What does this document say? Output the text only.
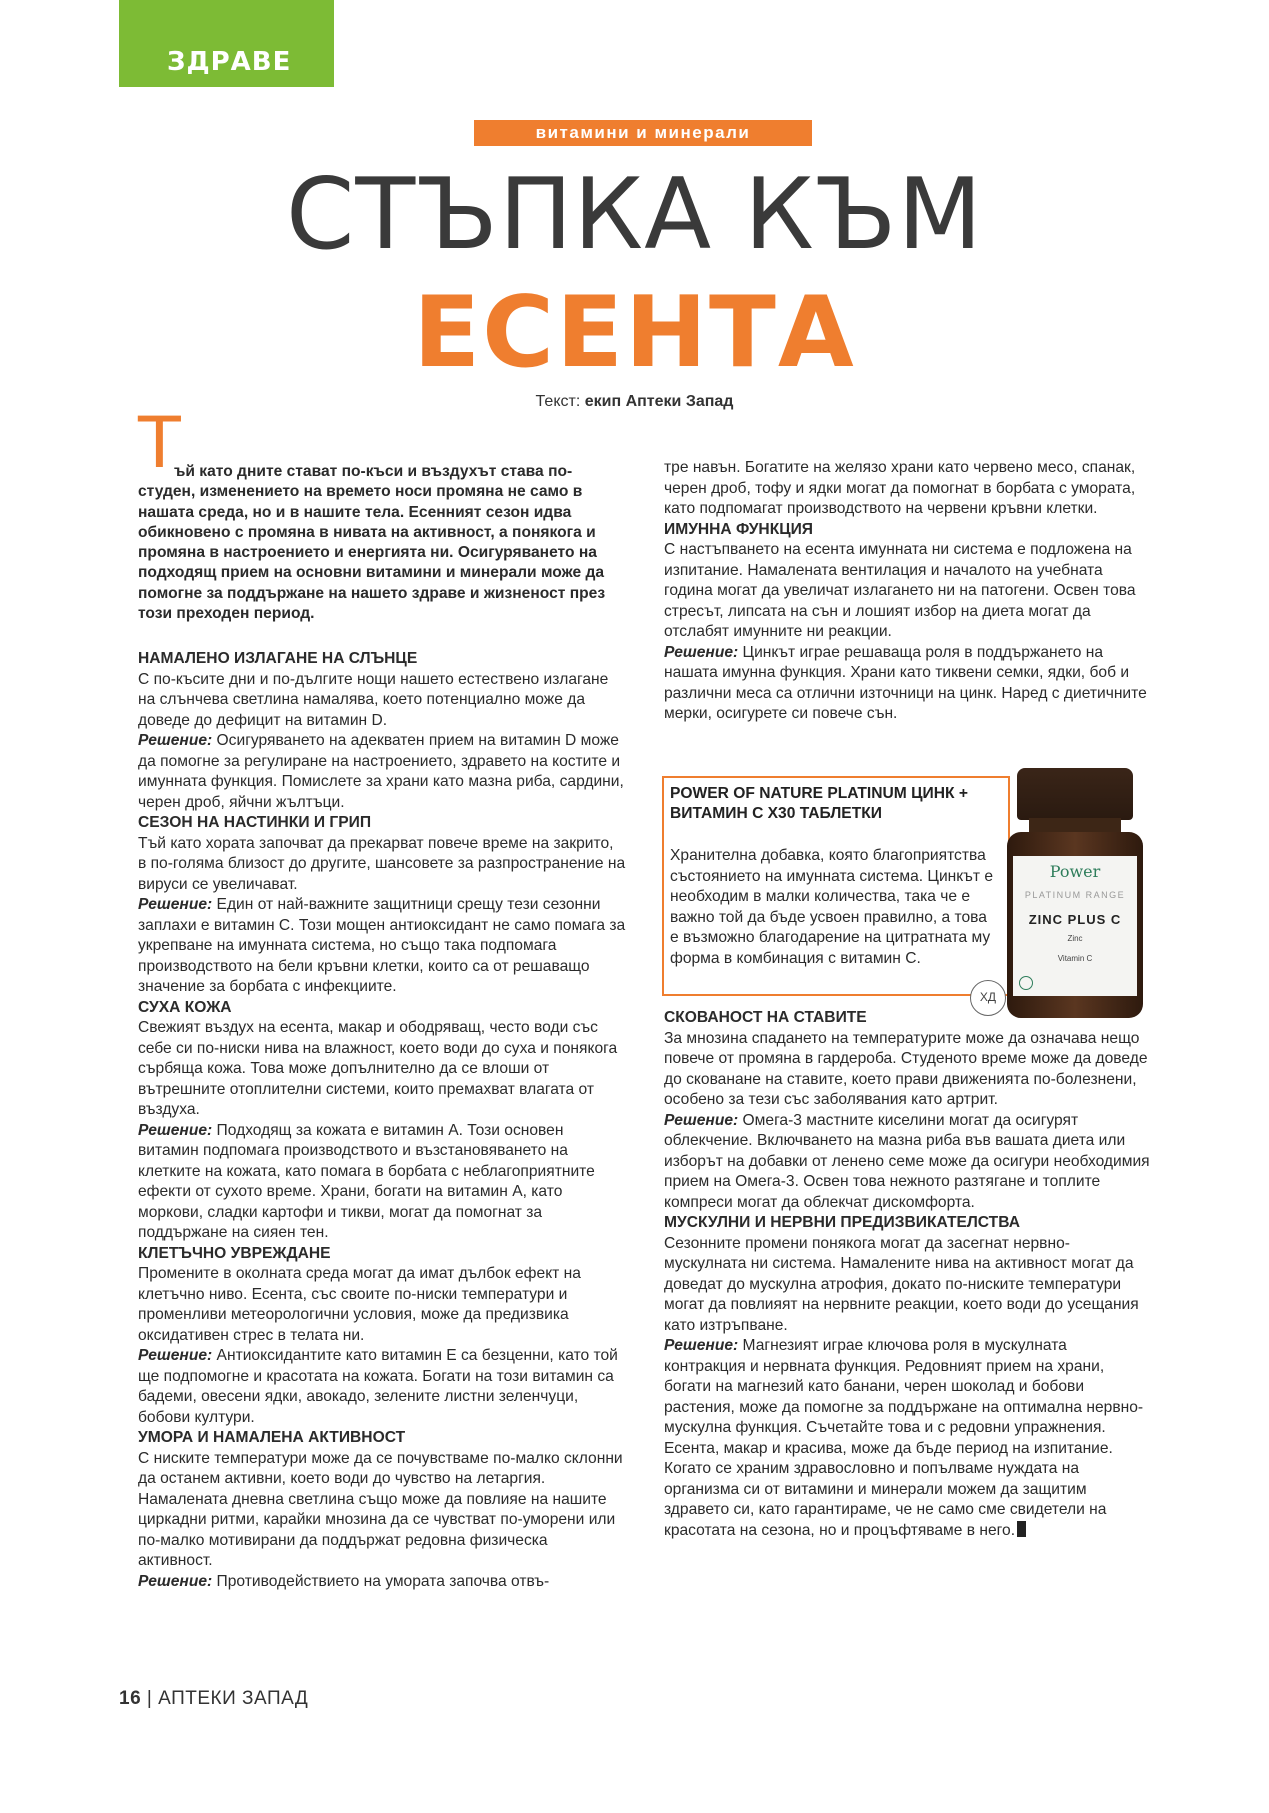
ЗДРАВЕ
витамини и минерали
СТЪПКА КЪМ
ЕСЕНТА
Текст: екип Аптеки Запад
Т

ъй като дните стават по-къси и въздухът става по-студен, изменението на времето носи промяна не само в нашата среда, но и в нашите тела. Есенният сезон идва обикновено с промяна в нивата на активност, а понякога и промяна в настроението и енергията ни. Осигуряването на подходящ прием на основни витамини и минерали може да помогне за поддържане на нашето здраве и жизненост през този преходен период.

НАМАЛЕНО ИЗЛАГАНЕ НА СЛЪНЦЕ

С по-късите дни и по-дългите нощи нашето естествено излагане на слънчева светлина намалява, което потенциално може да доведе до дефицит на витамин D.

Решение: Осигуряването на адекватен прием на витамин D може да помогне за регулиране на настроението, здравето на костите и имунната функция. Помислете за храни като мазна риба, сардини, черен дроб, яйчни жълтъци.

СЕЗОН НА НАСТИНКИ И ГРИП

Тъй като хората започват да прекарват повече време на закрито, в по-голяма близост до другите, шансовете за разпространение на вируси се увеличават.

Решение: Един от най-важните защитници срещу тези сезонни заплахи е витамин С. Този мощен антиоксидант не само помага за укрепване на имунната система, но също така подпомага производството на бели кръвни клетки, които са от решаващо значение за борбата с инфекциите.

СУХА КОЖА

Свежият въздух на есента, макар и ободряващ, често води със себе си по-ниски нива на влажност, което води до суха и понякога сърбяща кожа. Това може допълнително да се влоши от вътрешните отоплителни системи, които премахват влагата от въздуха.

Решение: Подходящ за кожата е витамин А. Този основен витамин подпомага производството и възстановяването на клетките на кожата, като помага в борбата с неблагоприятните ефекти от сухото време. Храни, богати на витамин А, като моркови, сладки картофи и тикви, могат да помогнат за поддържане на сияен тен.

КЛЕТЪЧНО УВРЕЖДАНЕ

Промените в околната среда могат да имат дълбок ефект на клетъчно ниво. Есента, със своите по-ниски температури и променливи метеорологични условия, може да предизвика оксидативен стрес в телата ни.

Решение: Антиоксидантите като витамин Е са безценни, като той ще подпомогне и красотата на кожата. Богати на този витамин са бадеми, овесени ядки, авокадо, зелените листни зеленчуци, бобови култури.

УМОРА И НАМАЛЕНА АКТИВНОСТ

С ниските температури може да се почувстваме по-малко склонни да останем активни, което води до чувство на летаргия. Намалената дневна светлина също може да повлияе на нашите циркадни ритми, карайки мнозина да се чувстват по-уморени или по-малко мотивирани да поддържат редовна физическа активност.

Решение: Противодействието на умората започва отвъ-

тре навън. Богатите на желязо храни като червено месо, спанак, черен дроб, тофу и ядки могат да помогнат в борбата с умората, като подпомагат производството на червени кръвни клетки.

ИМУННА ФУНКЦИЯ

С настъпването на есента имунната ни система е подложена на изпитание. Намалената вентилация и началото на учебната година могат да увеличат излагането ни на патогени. Освен това стресът, липсата на сън и лошият избор на диета могат да отслабят имунните ни реакции.

Решение: Цинкът играе решаваща роля в поддържането на нашата имунна функция. Храни като тиквени семки, ядки, боб и различни меса са отлични източници на цинк. Наред с диетичните мерки, осигурете си повече сън.

POWER OF NATURE PLATINUM ЦИНК + ВИТАМИН С Х30 ТАБЛЕТКИ
Хранителна добавка, която благоприятства състоянието на имунната система. Цинкът е необходим в малки количества, така че е важно той да бъде усвоен правилно, а това е възможно благодарение на цитратната му форма в комбинация с витамин С.
ХД
Power
PLATINUM RANGE
ZINC PLUS C
Zinc
Vitamin C

СКОВАНОСТ НА СТАВИТЕ

За мнозина спадането на температурите може да означава нещо повече от промяна в гардероба. Студеното време може да доведе до скованане на ставите, което прави движенията по-болезнени, особено за тези със заболявания като артрит.

Решение: Омега-3 мастните киселини могат да осигурят облекчение. Включването на мазна риба във вашата диета или изборът на добавки от ленено семе може да осигури необходимия прием на Омега-3. Освен това нежното разтягане и топлите компреси могат да облекчат дискомфорта.

МУСКУЛНИ И НЕРВНИ ПРЕДИЗВИКАТЕЛСТВА

Сезонните промени понякога могат да засегнат нервно-мускулната ни система. Намалените нива на активност могат да доведат до мускулна атрофия, докато по-ниските температури могат да повлияят на нервните реакции, което води до усещания като изтръпване.

Решение: Магнезият играе ключова роля в мускулната контракция и нервната функция. Редовният прием на храни, богати на магнезий като банани, черен шоколад и бобови растения, може да помогне за поддържане на оптимална нервно-мускулна функция. Съчетайте това и с редовни упражнения.

Есента, макар и красива, може да бъде период на изпитание. Когато се храним здравословно и попълваме нуждата на организма си от витамини и минерали можем да защитим здравето си, като гарантираме, че не само сме свидетели на красотата на сезона, но и процъфтяваме в него.

16 | АПТЕКИ ЗАПАД
